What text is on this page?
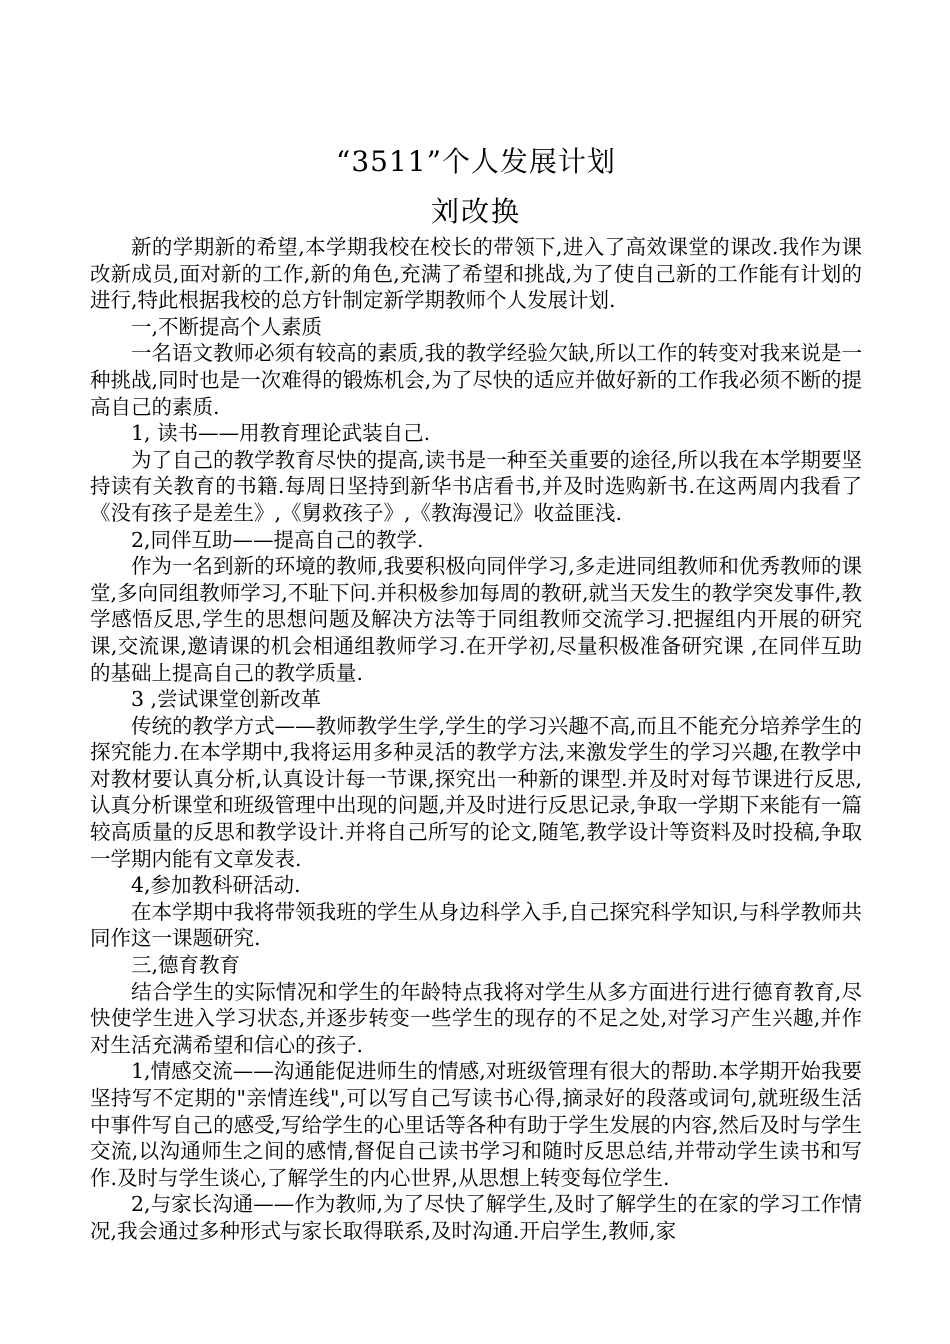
“3511”个人发展计划
刘改换

新的学期新的希望,本学期我校在校长的带领下,进入了高效课堂的课改.我作为课改新成员,面对新的工作,新的角色,充满了希望和挑战,为了使自己新的工作能有计划的进行,特此根据我校的总方针制定新学期教师个人发展计划.

一,不断提高个人素质

一名语文教师必须有较高的素质,我的教学经验欠缺,所以工作的转变对我来说是一种挑战,同时也是一次难得的锻炼机会,为了尽快的适应并做好新的工作我必须不断的提高自己的素质.

1, 读书——用教育理论武装自己.

为了自己的教学教育尽快的提高,读书是一种至关重要的途径,所以我在本学期要坚持读有关教育的书籍.每周日坚持到新华书店看书,并及时选购新书.在这两周内我看了《没有孩子是差生》,《舅救孩子》,《教海漫记》收益匪浅.

2,同伴互助——提高自己的教学.

作为一名到新的环境的教师,我要积极向同伴学习,多走进同组教师和优秀教师的课堂,多向同组教师学习,不耻下问.并积极参加每周的教研,就当天发生的教学突发事件,教学感悟反思,学生的思想问题及解决方法等于同组教师交流学习.把握组内开展的研究课,交流课,邀请课的机会相通组教师学习.在开学初,尽量积极准备研究课 ,在同伴互助的基础上提高自己的教学质量.

3 ,尝试课堂创新改革

传统的教学方式——教师教学生学,学生的学习兴趣不高,而且不能充分培养学生的探究能力.在本学期中,我将运用多种灵活的教学方法,来激发学生的学习兴趣,在教学中对教材要认真分析,认真设计每一节课,探究出一种新的课型.并及时对每节课进行反思,认真分析课堂和班级管理中出现的问题,并及时进行反思记录,争取一学期下来能有一篇较高质量的反思和教学设计.并将自己所写的论文,随笔,教学设计等资料及时投稿,争取一学期内能有文章发表.

4,参加教科研活动.

在本学期中我将带领我班的学生从身边科学入手,自己探究科学知识,与科学教师共同作这一课题研究.

三,德育教育

结合学生的实际情况和学生的年龄特点我将对学生从多方面进行进行德育教育,尽快使学生进入学习状态,并逐步转变一些学生的现存的不足之处,对学习产生兴趣,并作对生活充满希望和信心的孩子.

1,情感交流——沟通能促进师生的情感,对班级管理有很大的帮助.本学期开始我要坚持写不定期的"亲情连线",可以写自己写读书心得,摘录好的段落或词句,就班级生活中事件写自己的感受,写给学生的心里话等各种有助于学生发展的内容,然后及时与学生交流,以沟通师生之间的感情,督促自己读书学习和随时反思总结,并带动学生读书和写作.及时与学生谈心,了解学生的内心世界,从思想上转变每位学生.

2,与家长沟通——作为教师,为了尽快了解学生,及时了解学生的在家的学习工作情况,我会通过多种形式与家长取得联系,及时沟通.开启学生,教师,家
